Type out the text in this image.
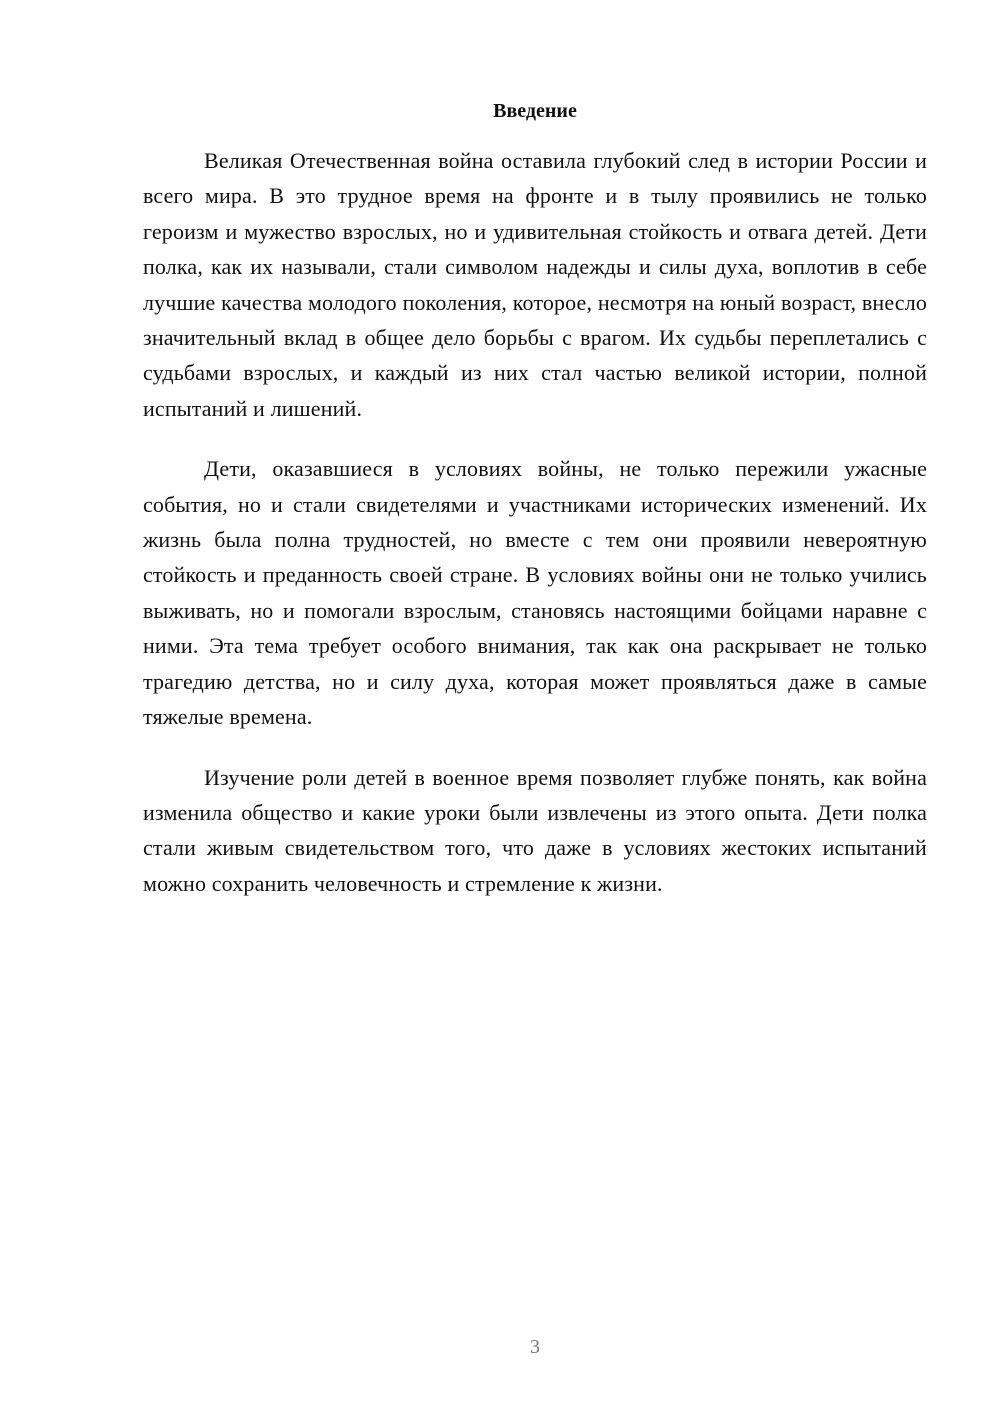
Введение

Великая Отечественная война оставила глубокий след в истории России и всего мира. В это трудное время на фронте и в тылу проявились не только героизм и мужество взрослых, но и удивительная стойкость и отвага детей. Дети полка, как их называли, стали символом надежды и силы духа, воплотив в себе лучшие качества молодого поколения, которое, несмотря на юный возраст, внесло значительный вклад в общее дело борьбы с врагом. Их судьбы переплетались с судьбами взрослых, и каждый из них стал частью великой истории, полной испытаний и лишений.

Дети, оказавшиеся в условиях войны, не только пережили ужасные события, но и стали свидетелями и участниками исторических изменений. Их жизнь была полна трудностей, но вместе с тем они проявили невероятную стойкость и преданность своей стране. В условиях войны они не только учились выживать, но и помогали взрослым, становясь настоящими бойцами наравне с ними. Эта тема требует особого внимания, так как она раскрывает не только трагедию детства, но и силу духа, которая может проявляться даже в самые тяжелые времена.

Изучение роли детей в военное время позволяет глубже понять, как война изменила общество и какие уроки были извлечены из этого опыта. Дети полка стали живым свидетельством того, что даже в условиях жестоких испытаний можно сохранить человечность и стремление к жизни.

3
